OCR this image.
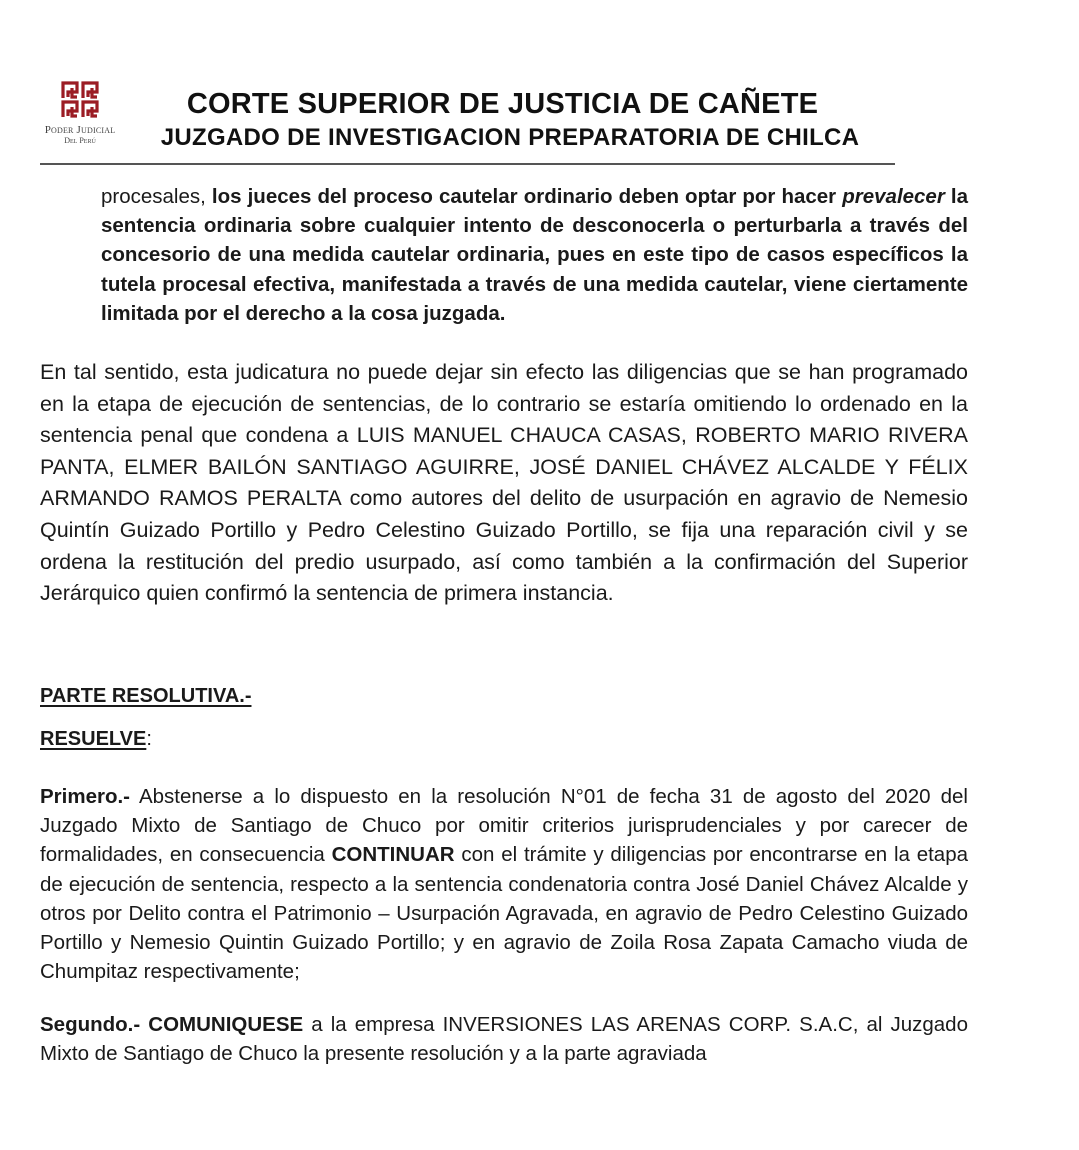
Poder Judicial
Del Perú
CORTE SUPERIOR DE JUSTICIA DE CAÑETE
JUZGADO DE INVESTIGACION PREPARATORIA DE CHILCA
procesales, los jueces del proceso cautelar ordinario deben optar por hacer prevalecer la sentencia ordinaria sobre cualquier intento de desconocerla o perturbarla a través del concesorio de una medida cautelar ordinaria, pues en este tipo de casos específicos la tutela procesal efectiva, manifestada a través de una medida cautelar, viene ciertamente limitada por el derecho a la cosa juzgada.
En tal sentido, esta judicatura no puede dejar sin efecto las diligencias que se han programado en la etapa de ejecución de sentencias, de lo contrario se estaría omitiendo lo ordenado en la sentencia penal que condena a LUIS MANUEL CHAUCA CASAS, ROBERTO MARIO RIVERA PANTA, ELMER BAILÓN SANTIAGO AGUIRRE, JOSÉ DANIEL CHÁVEZ ALCALDE Y FÉLIX ARMANDO RAMOS PERALTA como autores del delito de usurpación en agravio de Nemesio Quintín Guizado Portillo y Pedro Celestino Guizado Portillo, se fija una reparación civil y se ordena la restitución del predio usurpado, así como también a la confirmación del Superior Jerárquico quien confirmó la sentencia de primera instancia.
PARTE RESOLUTIVA.-
RESUELVE:
Primero.- Abstenerse a lo dispuesto en la resolución N°01 de fecha 31 de agosto del 2020 del Juzgado Mixto de Santiago de Chuco por omitir criterios jurisprudenciales y por carecer de formalidades, en consecuencia CONTINUAR con el trámite y diligencias por encontrarse en la etapa de ejecución de sentencia, respecto a la sentencia condenatoria contra José Daniel Chávez Alcalde y otros por Delito contra el Patrimonio – Usurpación Agravada, en agravio de Pedro Celestino Guizado Portillo y Nemesio Quintin Guizado Portillo; y en agravio de Zoila Rosa Zapata Camacho viuda de Chumpitaz respectivamente;
Segundo.- COMUNIQUESE a la empresa INVERSIONES LAS ARENAS CORP. S.A.C, al Juzgado Mixto de Santiago de Chuco la presente resolución y a la parte agraviada
